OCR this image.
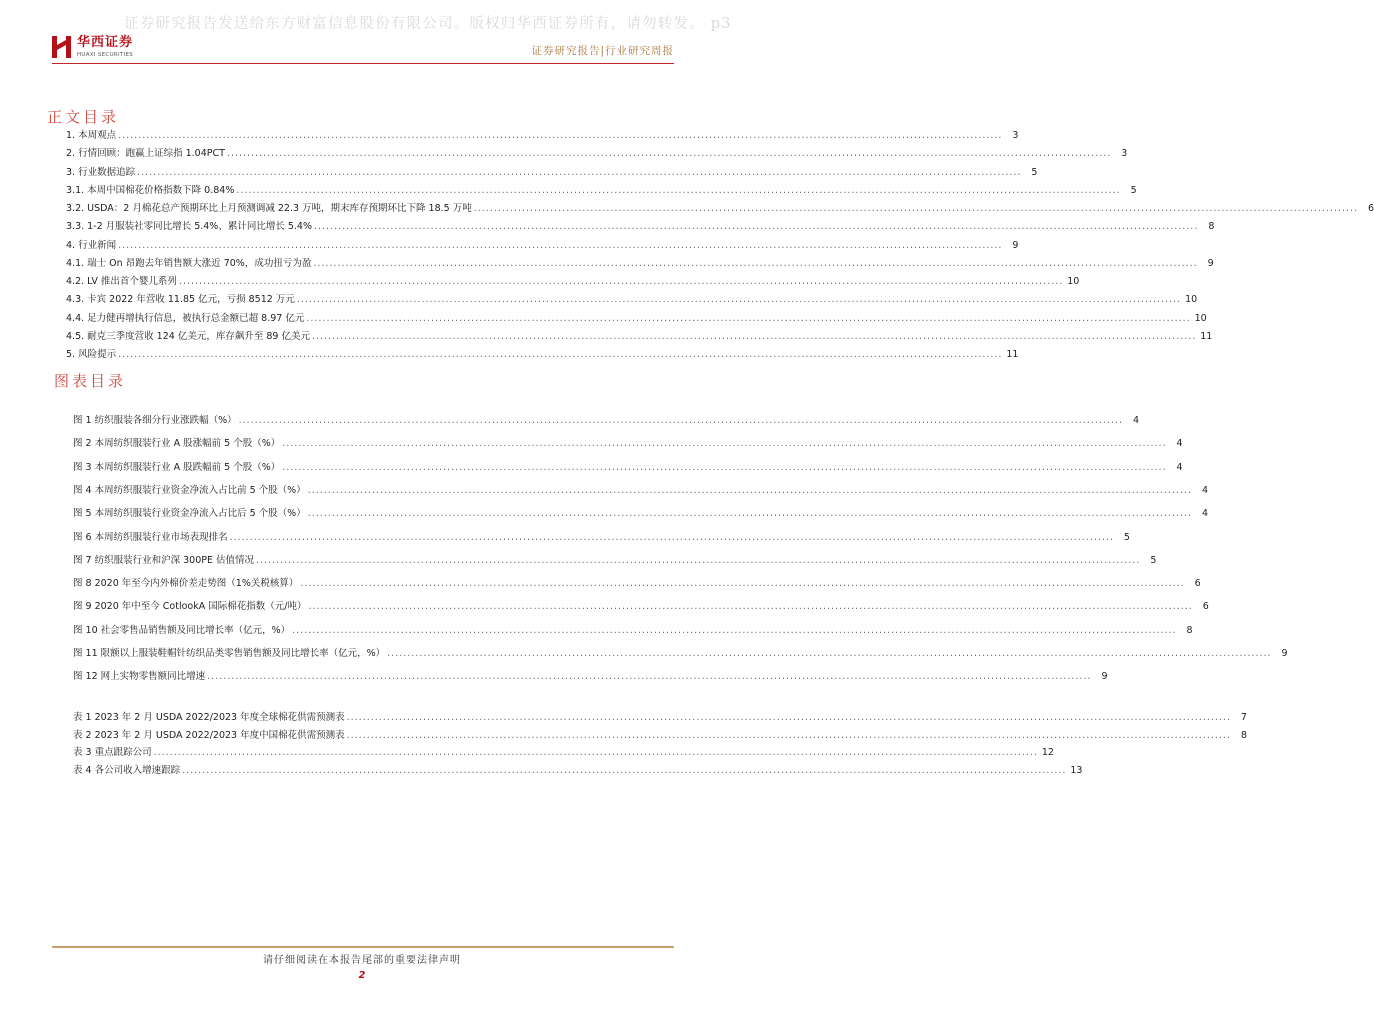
证券研究报告发送给东方财富信息股份有限公司。版权归华西证券所有，请勿转发。 p3
华西证券
HUAXI SECURITIES	证券研究报告|行业研究周报
正文目录
1. 本周观点 ............................................................................................................................................................................................................................	3
2. 行情回顾：跑赢上证综指 1.04PCT ............................................................................................................................................................................................................................	3
3. 行业数据追踪 ............................................................................................................................................................................................................................	5
3.1. 本周中国棉花价格指数下降 0.84% ............................................................................................................................................................................................................................	5
3.2. USDA：2 月棉花总产预期环比上月预测调减 22.3 万吨，期末库存预期环比下降 18.5 万吨 ............................................................................................................................................................................................................................	6
3.3. 1-2 月服装社零同比增长 5.4%、累计同比增长 5.4% ............................................................................................................................................................................................................................	8
4. 行业新闻 ............................................................................................................................................................................................................................	9
4.1. 瑞士 On 昂跑去年销售额大涨近 70%，成功扭亏为盈 ............................................................................................................................................................................................................................	9
4.2. LV 推出首个婴儿系列 ............................................................................................................................................................................................................................ 10
4.3. 卡宾 2022 年营收 11.85 亿元，亏损 8512 万元 ............................................................................................................................................................................................................................ 10
4.4. 足力健再增执行信息，被执行总金额已超 8.97 亿元 ............................................................................................................................................................................................................................ 10
4.5. 耐克三季度营收 124 亿美元，库存飙升至 89 亿美元 ............................................................................................................................................................................................................................ 11
5. 风险提示 ............................................................................................................................................................................................................................ 11
图表目录
图 1 纺织服装各细分行业涨跌幅（%） ............................................................................................................................................................................................................................	4
图 2 本周纺织服装行业 A 股涨幅前 5 个股（%） ............................................................................................................................................................................................................................	4
图 3 本周纺织服装行业 A 股跌幅前 5 个股（%） ............................................................................................................................................................................................................................	4
图 4 本周纺织服装行业资金净流入占比前 5 个股（%） ............................................................................................................................................................................................................................	4
图 5 本周纺织服装行业资金净流入占比后 5 个股（%） ............................................................................................................................................................................................................................	4
图 6 本周纺织服装行业市场表现排名 ............................................................................................................................................................................................................................	5
图 7 纺织服装行业和沪深 300PE 估值情况 ............................................................................................................................................................................................................................	5
图 8 2020 年至今内外棉价差走势图（1%关税核算） ............................................................................................................................................................................................................................	6
图 9 2020 年中至今 CotlookA 国际棉花指数（元/吨） ............................................................................................................................................................................................................................	6
图 10 社会零售品销售额及同比增长率（亿元，%） ............................................................................................................................................................................................................................	8
图 11 限额以上服装鞋帽针纺织品类零售销售额及同比增长率（亿元，%） ............................................................................................................................................................................................................................	9
图 12 网上实物零售额同比增速 ............................................................................................................................................................................................................................	9
表 1 2023 年 2 月 USDA 2022/2023 年度全球棉花供需预测表 ............................................................................................................................................................................................................................	7
表 2 2023 年 2 月 USDA 2022/2023 年度中国棉花供需预测表 ............................................................................................................................................................................................................................	8
表 3 重点跟踪公司 ............................................................................................................................................................................................................................ 12
表 4 各公司收入增速跟踪 ............................................................................................................................................................................................................................ 13
请仔细阅读在本报告尾部的重要法律声明
2
